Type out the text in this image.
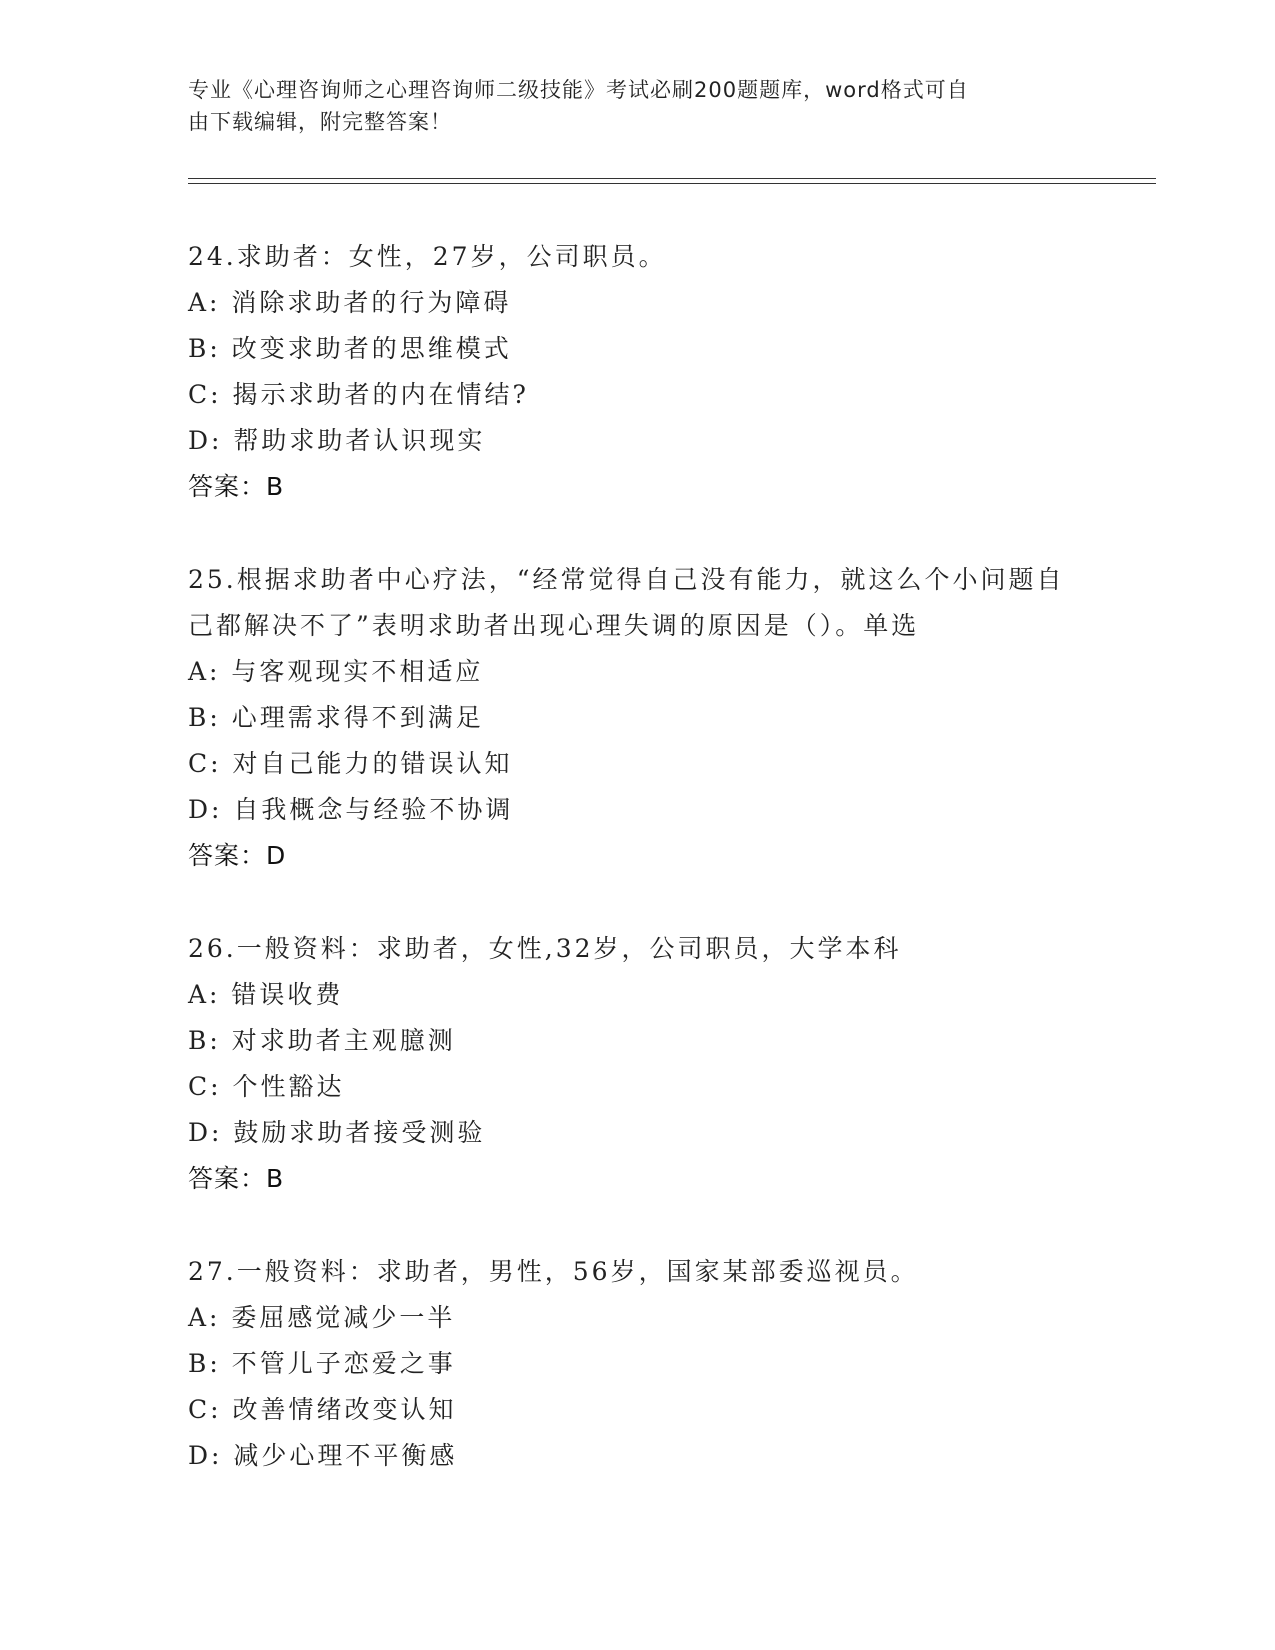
专业《心理咨询师之心理咨询师二级技能》考试必刷200题题库，word格式可自
由下载编辑，附完整答案！
24.求助者：女性，27岁，公司职员。
A: 消除求助者的行为障碍
B: 改变求助者的思维模式
C: 揭示求助者的内在情结?
D: 帮助求助者认识现实
答案：B
25.根据求助者中心疗法，“经常觉得自己没有能力，就这么个小问题自己都解决不了”表明求助者出现心理失调的原因是（）。单选
A: 与客观现实不相适应
B: 心理需求得不到满足
C: 对自己能力的错误认知
D: 自我概念与经验不协调
答案：D
26.一般资料：求助者，女性,32岁，公司职员，大学本科
A: 错误收费
B: 对求助者主观臆测
C: 个性豁达
D: 鼓励求助者接受测验
答案：B
27.一般资料：求助者，男性，56岁，国家某部委巡视员。
A: 委屈感觉减少一半
B: 不管儿子恋爱之事
C: 改善情绪改变认知
D: 减少心理不平衡感
